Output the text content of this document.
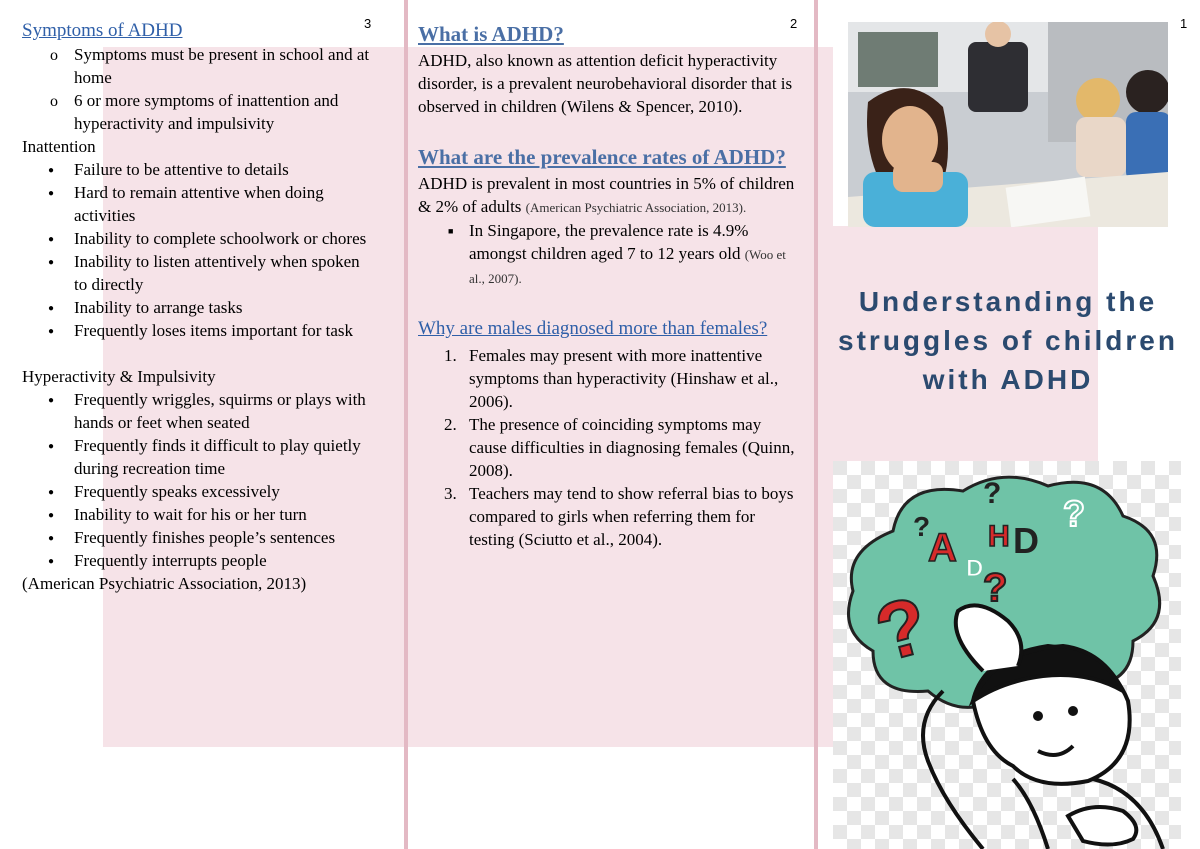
3
Symptoms of ADHD
o
Symptoms must be present in school and at home
o
6 or more symptoms of inattention and hyperactivity and impulsivity
Inattention
●
Failure to be attentive to details
●
Hard to remain attentive when doing activities
●
Inability to complete schoolwork or chores
●
Inability to listen attentively when spoken to directly
●
Inability to arrange tasks
●
Frequently loses items important for task
Hyperactivity & Impulsivity
●
Frequently wriggles, squirms or plays with hands or feet when seated
●
Frequently finds it difficult to play quietly during recreation time
●
Frequently speaks excessively
●
Inability to wait for his or her turn
●
Frequently finishes people’s sentences
●
Frequently interrupts people
(American Psychiatric Association, 2013)
2
What is ADHD?
ADHD, also known as attention deficit hyperactivity disorder, is a prevalent neurobehavioral disorder that is observed in children (Wilens & Spencer, 2010).
What are the prevalence rates of ADHD?
ADHD is prevalent in most countries in 5% of children & 2% of adults (American Psychiatric Association, 2013).
■
In Singapore, the prevalence rate is 4.9% amongst children aged 7 to 12 years old (Woo et al., 2007).
Why are males diagnosed more than females?
1. Females may present with more inattentive symptoms than hyperactivity (Hinshaw et al., 2006).
2. The presence of coinciding symptoms may cause difficulties in diagnosing females (Quinn, 2008).
3. Teachers may tend to show referral bias to boys compared to girls when referring them for testing (Sciutto et al., 2004).
1
Understanding the struggles of children with ADHD
?
?
?	?
?
A D
H D
